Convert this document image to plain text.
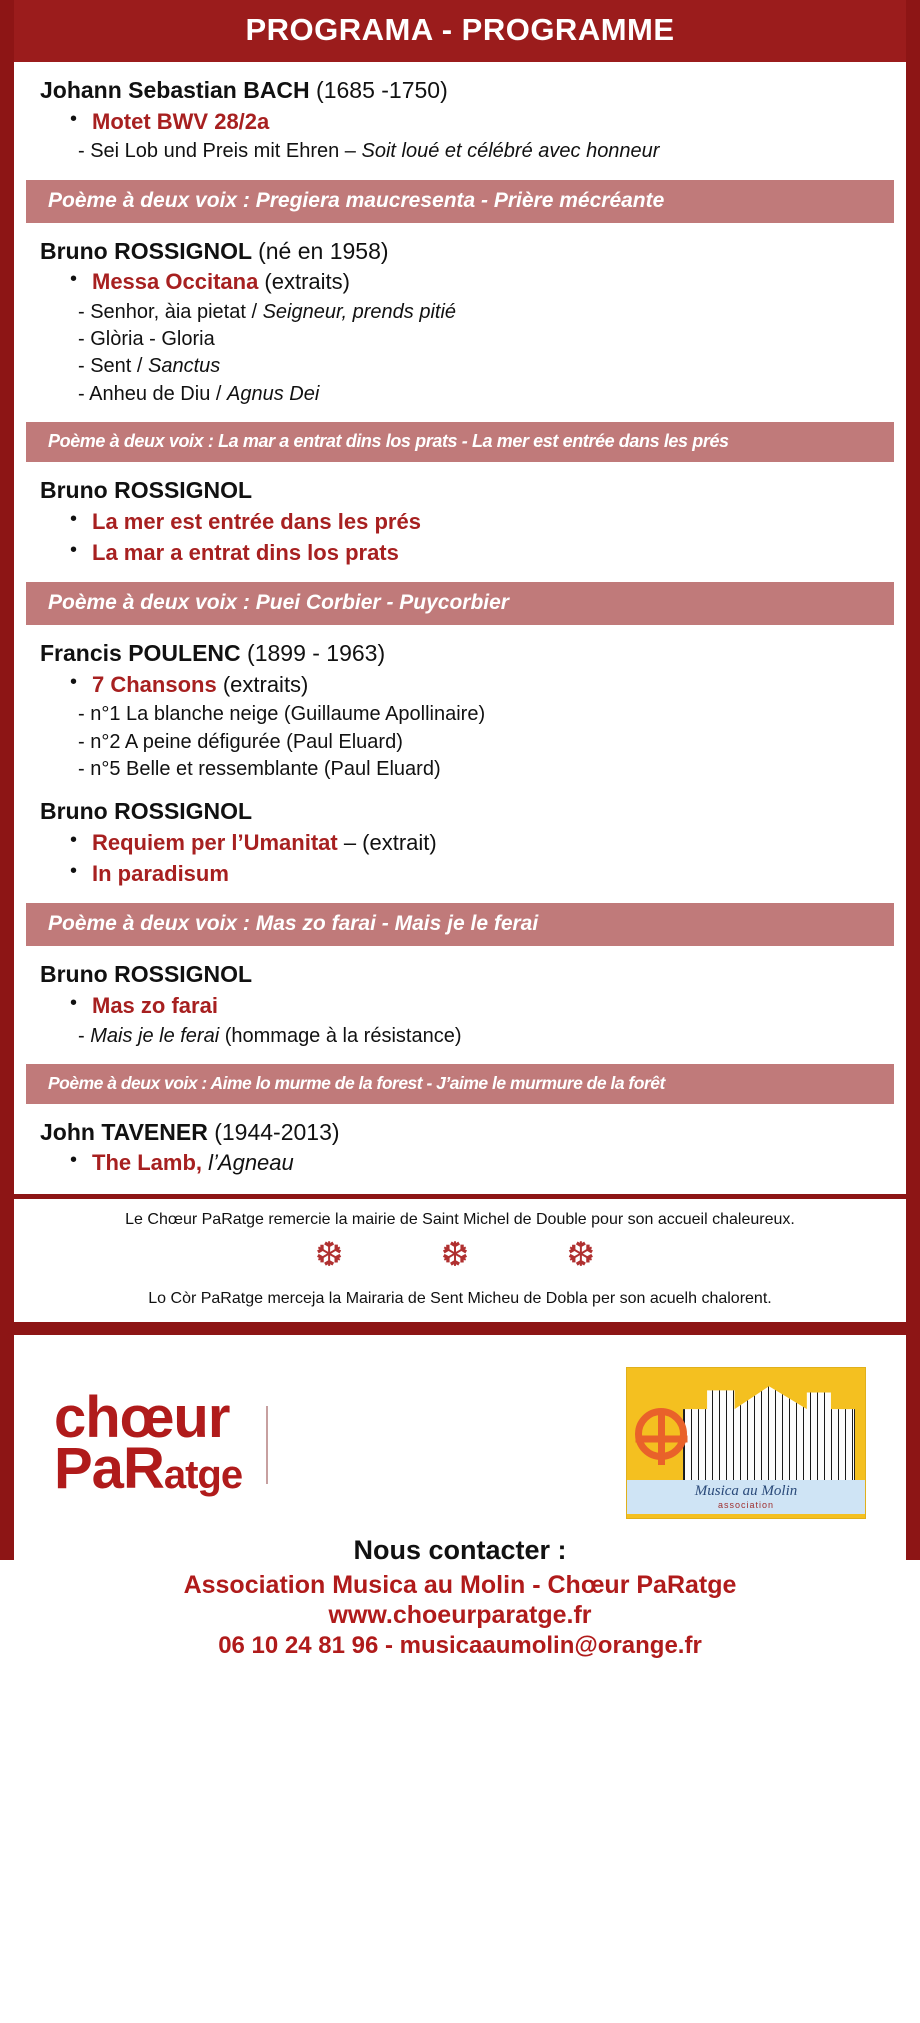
PROGRAMA - PROGRAMME
Johann Sebastian BACH (1685 -1750)
• Motet BWV 28/2a
- Sei Lob und Preis mit Ehren – Soit loué et célébré avec honneur
Poème à deux voix : Pregiera maucresenta - Prière mécréante
Bruno ROSSIGNOL (né en 1958)
• Messa Occitana (extraits)
- Senhor, àia pietat / Seigneur, prends pitié
- Glòria - Gloria
- Sent / Sanctus
- Anheu de Diu / Agnus Dei
Poème à deux voix : La mar a entrat dins los prats - La mer est entrée dans les prés
Bruno ROSSIGNOL
• La mer est entrée dans les prés
• La mar a entrat dins los prats
Poème à deux voix : Puei Corbier - Puycorbier
Francis POULENC (1899 - 1963)
• 7 Chansons (extraits)
- n°1 La blanche neige (Guillaume Apollinaire)
- n°2 A peine défigurée (Paul Eluard)
- n°5 Belle et ressemblante (Paul Eluard)
Bruno ROSSIGNOL
• Requiem per l’Umanitat – (extrait)
• In paradisum
Poème à deux voix : Mas zo farai - Mais je le ferai
Bruno ROSSIGNOL
• Mas zo farai
- Mais je le ferai (hommage à la résistance)
Poème à deux voix : Aime lo murme de la forest - J’aime le murmure de la forêt
John TAVENER (1944-2013)
• The Lamb, l’Agneau
Le Chœur PaRatge remercie la mairie de Saint Michel de Double pour son accueil chaleureux.
❆ ❆ ❆
Lo Còr PaRatge merceja la Mairaria de Sent Micheu de Dobla per son acuelh chalorent.
chœur
PaRatge	Musica au Molin
association
Nous contacter :
Association Musica au Molin - Chœur PaRatge
www.choeurparatge.fr
06 10 24 81 96 - musicaaumolin@orange.fr
